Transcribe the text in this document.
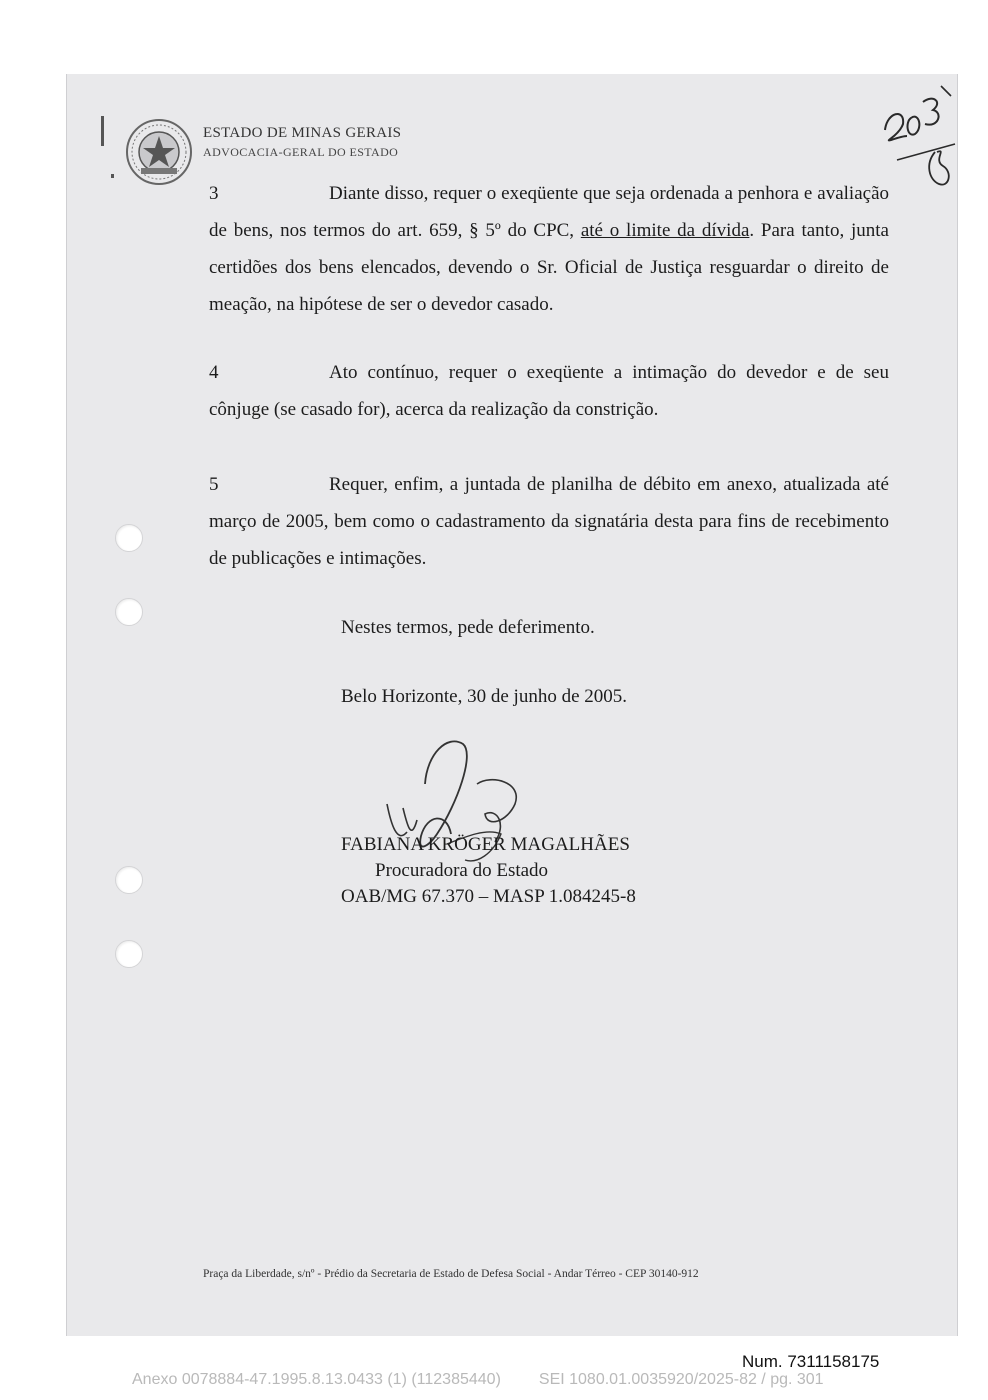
ESTADO DE MINAS GERAIS
ADVOCACIA-GERAL DO ESTADO
3	Diante disso, requer o exeqüente que seja ordenada a penhora e avaliação de bens, nos termos do art. 659, § 5º do CPC, até o limite da dívida. Para tanto, junta certidões dos bens elencados, devendo o Sr. Oficial de Justiça resguardar o direito de meação, na hipótese de ser o devedor casado.
4	Ato contínuo, requer o exeqüente a intimação do devedor e de seu cônjuge (se casado for), acerca da realização da constrição.
5	Requer, enfim, a juntada de planilha de débito em anexo, atualizada até março de 2005, bem como o cadastramento da signatária desta para fins de recebimento de publicações e intimações.
Nestes termos, pede deferimento.
Belo Horizonte, 30 de junho de 2005.
FABIANA KRÖGER MAGALHÃES
Procuradora do Estado
OAB/MG 67.370 – MASP 1.084245-8
Praça da Liberdade, s/nº - Prédio da Secretaria de Estado de Defesa Social - Andar Térreo - CEP 30140-912
Num. 7311158175
Anexo 0078884-47.1995.8.13.0433 (1) (112385440) SEI 1080.01.0035920/2025-82 / pg. 301
